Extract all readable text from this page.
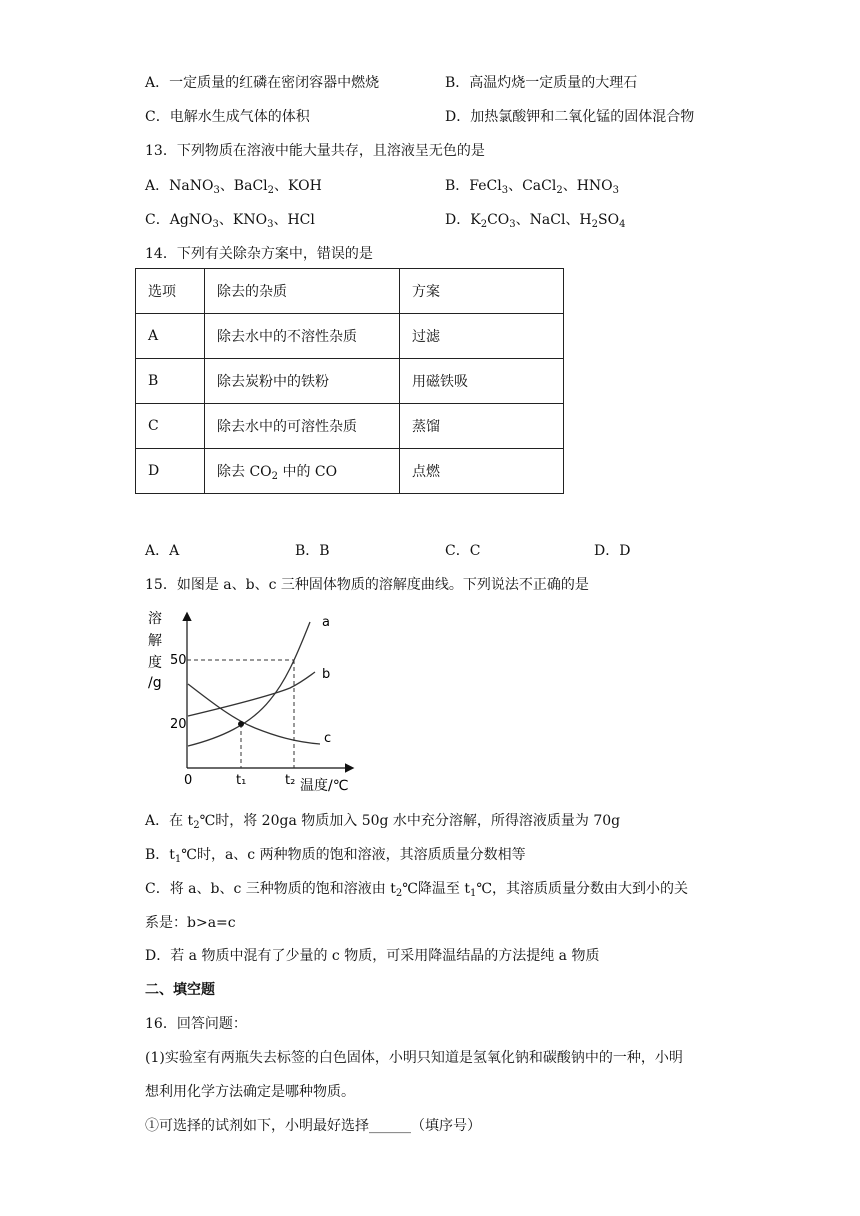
A．一定质量的红磷在密闭容器中燃烧	B．高温灼烧一定质量的大理石
C．电解水生成气体的体积	D．加热氯酸钾和二氧化锰的固体混合物
13．下列物质在溶液中能大量共存，且溶液呈无色的是
A．NaNO$_3$、BaCl$_2$、KOH	B．FeCl$_3$、CaCl$_2$、$HNO_3$
C．AgNO$_3$、$KNO_3$、HCl	D．$K_2CO_3$、NaCl、$H_2SO_4$
14．下列有关除杂方案中，错误的是
选项	除去的杂质	方案
A	除去水中的不溶性杂质	过滤
B	除去炭粉中的铁粉	用磁铁吸
C	除去水中的可溶性杂质	蒸馏
D	除去 $CO_2$ 中的 CO	点燃
A．A	B．B	C．C	D．D
15．如图是 a、b、c 三种固体物质的溶解度曲线。下列说法不正确的是
溶
解
度
/g
50
20
0	t₁	t₂ 温度/℃
a
b
c
A．在 $t_2℃$时，将 20ga 物质加入 50g 水中充分溶解，所得溶液质量为 70g
B．$t_1℃$时，a、c 两种物质的饱和溶液，其溶质质量分数相等
C．将 a、b、c 三种物质的饱和溶液由 $t_2℃$降温至 $t_1℃$，其溶质质量分数由大到小的关
系是：b>a=c
D．若 a 物质中混有了少量的 c 物质，可采用降温结晶的方法提纯 a 物质
二、填空题
16．回答问题：
(1)实验室有两瓶失去标签的白色固体，小明只知道是氢氧化钠和碳酸钠中的一种，小明
想利用化学方法确定是哪种物质。
①可选择的试剂如下，小明最好选择______（填序号）
